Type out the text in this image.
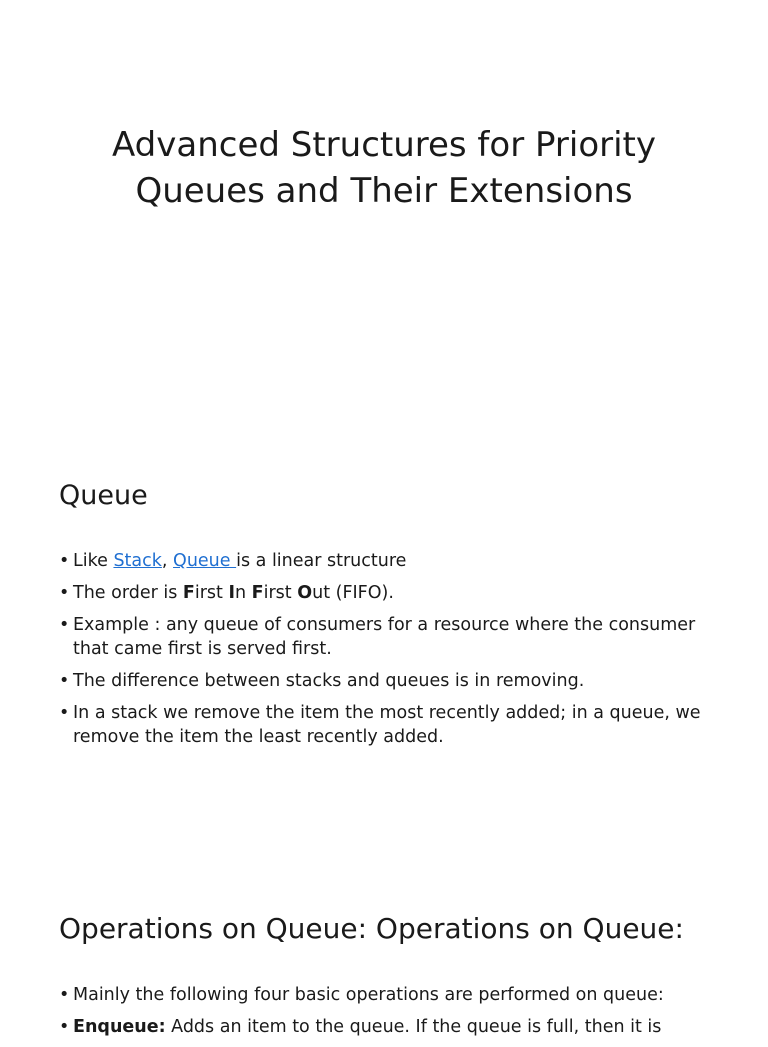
Advanced Structures for Priority
Queues and Their Extensions
Queue
• Like Stack, Queue is a linear structure
• The order is First In First Out (FIFO).
• Example : any queue of consumers for a resource where the consumer that came first is served first.
• The difference between stacks and queues is in removing.
• In a stack we remove the item the most recently added; in a queue, we remove the item the least recently added.
Operations on Queue: Operations on Queue:
• Mainly the following four basic operations are performed on queue:
• Enqueue: Adds an item to the queue. If the queue is full, then it is
